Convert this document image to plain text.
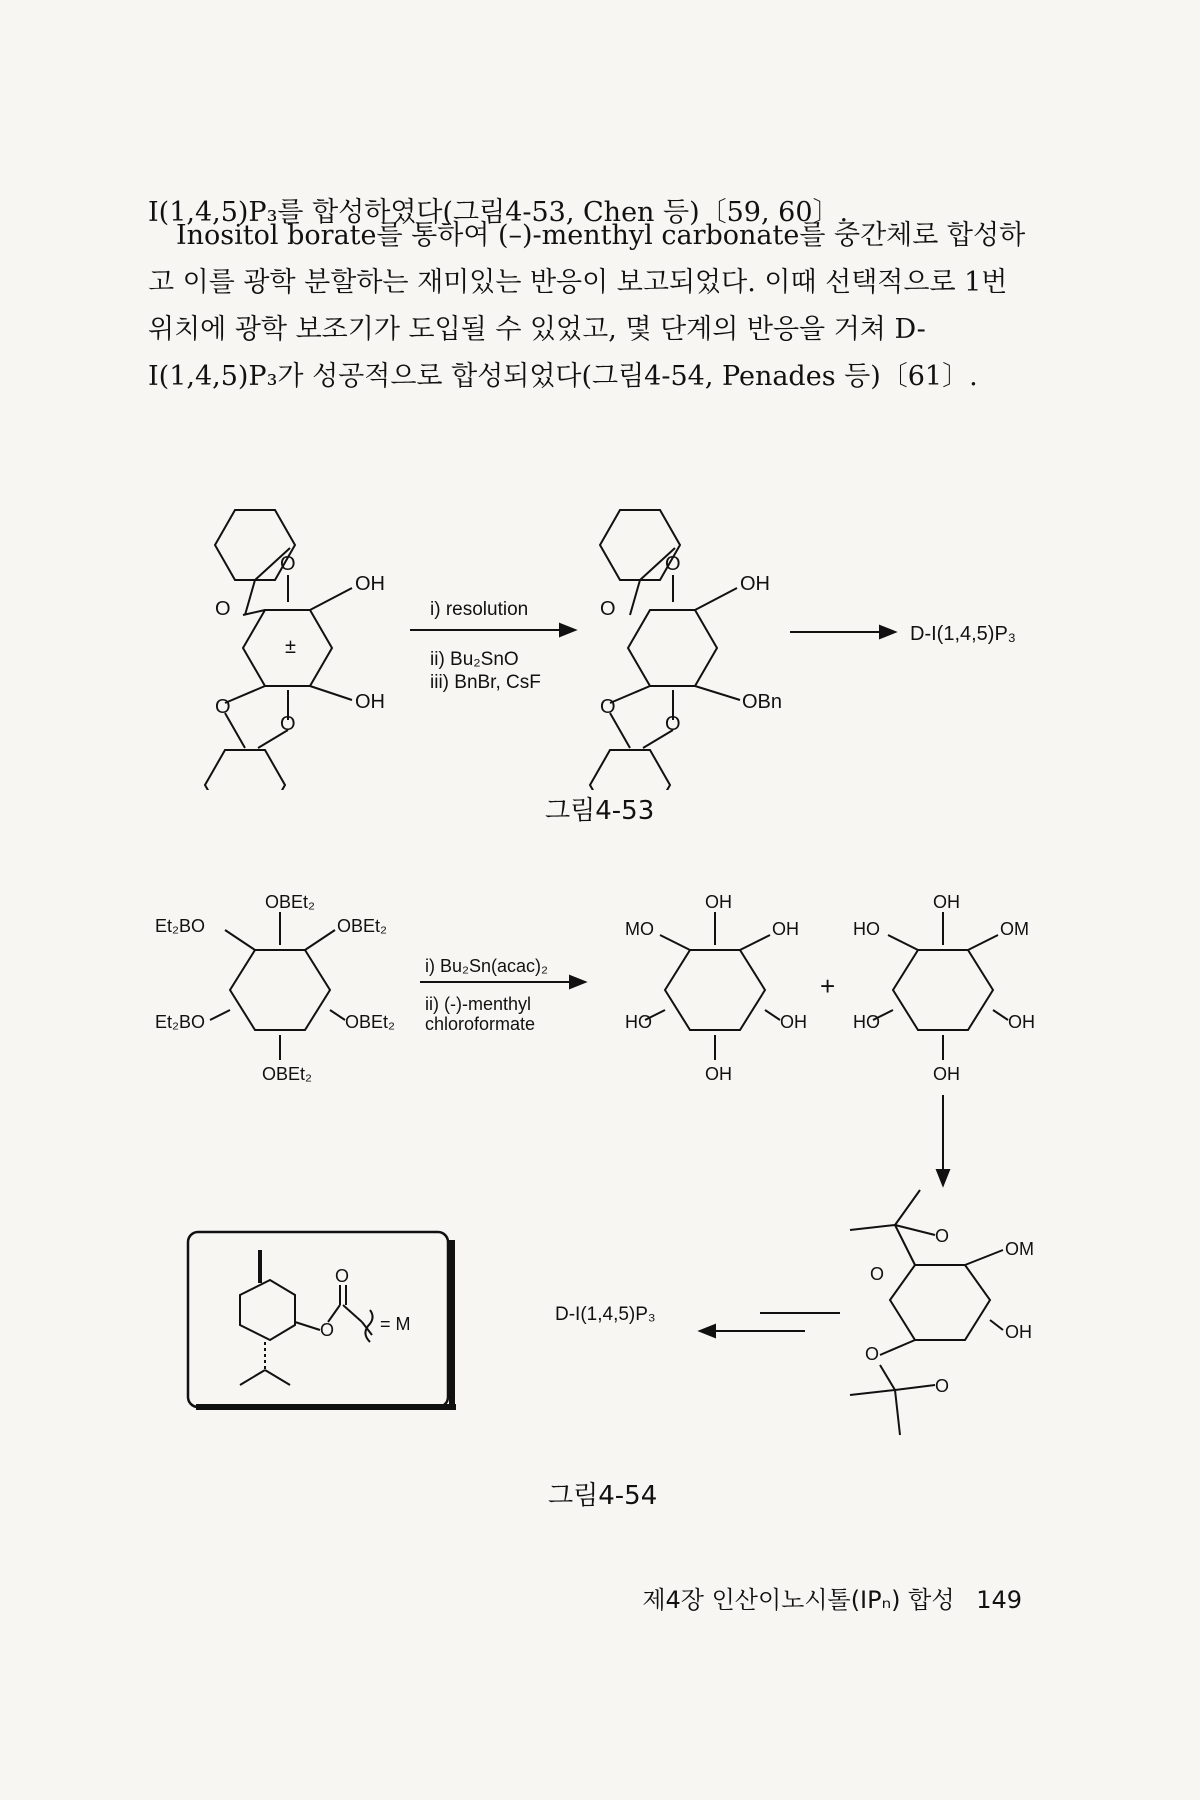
I(1,4,5)P₃를 합성하였다(그림4-53, Chen 등)〔59, 60〕.

Inositol borate를 통하여 (–)-menthyl carbonate를 중간체로 합성하고 이를 광학 분할하는 재미있는 반응이 보고되었다. 이때 선택적으로 1번 위치에 광학 보조기가 도입될 수 있었고, 몇 단계의 반응을 거쳐 D-I(1,4,5)P₃가 성공적으로 합성되었다(그림4-54, Penades 등)〔61〕.

O
O
OH
±
OH
O
O
i) resolution
ii) Bu₂SnO
iii) BnBr, CsF
OH
OBn
O
O
O
O
D-I(1,4,5)P₃
그림4-53
OBEt₂
Et₂BO	OBEt₂
Et₂BO	OBEt₂
OBEt₂
i) Bu₂Sn(acac)₂
ii) (-)-menthyl
chloroformate
OH
MO	OH
HO	OH
OH
+
OH
HO	OM
HO	OH
OH
O
O
OM
OH
O
O
D-I(1,4,5)P₃
O
O	= M
그림4-54
제4장 인산이노시톨(IPₙ) 합성 149
